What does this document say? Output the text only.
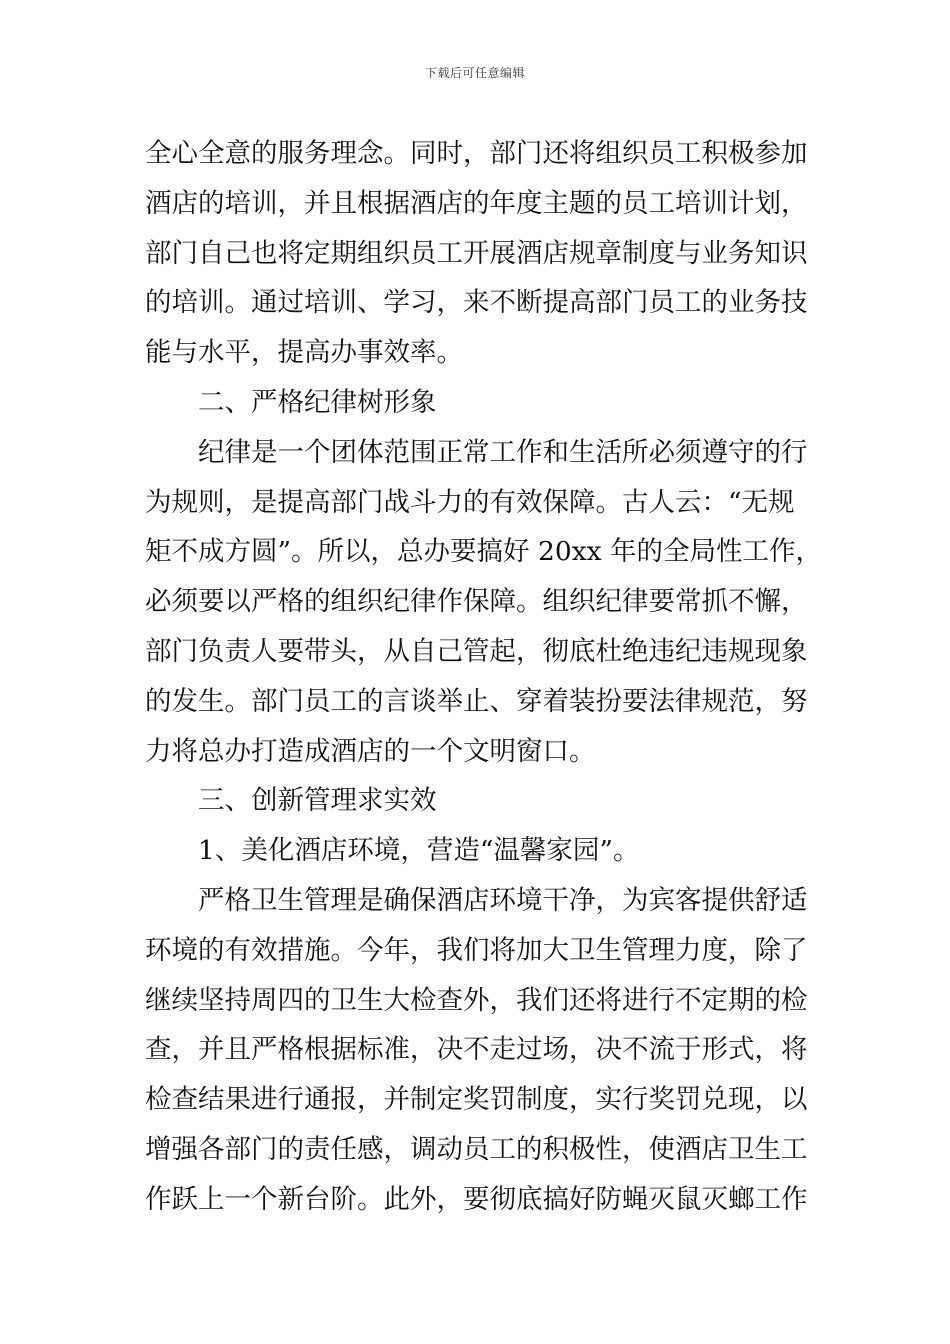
下载后可任意编辑
全心全意的服务理念。同时，部门还将组织员工积极参加
酒店的培训，并且根据酒店的年度主题的员工培训计划，
部门自己也将定期组织员工开展酒店规章制度与业务知识
的培训。通过培训、学习，来不断提高部门员工的业务技
能与水平，提高办事效率。
二、严格纪律树形象
纪律是一个团体范围正常工作和生活所必须遵守的行
为规则，是提高部门战斗力的有效保障。古人云：“无规
矩不成方圆”。所以，总办要搞好 20xx 年的全局性工作，
必须要以严格的组织纪律作保障。组织纪律要常抓不懈，
部门负责人要带头，从自己管起，彻底杜绝违纪违规现象
的发生。部门员工的言谈举止、穿着装扮要法律规范，努
力将总办打造成酒店的一个文明窗口。
三、创新管理求实效
1、美化酒店环境，营造“温馨家园”。
严格卫生管理是确保酒店环境干净，为宾客提供舒适
环境的有效措施。今年，我们将加大卫生管理力度，除了
继续坚持周四的卫生大检查外，我们还将进行不定期的检
查，并且严格根据标准，决不走过场，决不流于形式，将
检查结果进行通报，并制定奖罚制度，实行奖罚兑现，以
增强各部门的责任感，调动员工的积极性，使酒店卫生工
作跃上一个新台阶。此外，要彻底搞好防蝇灭鼠灭螂工作
